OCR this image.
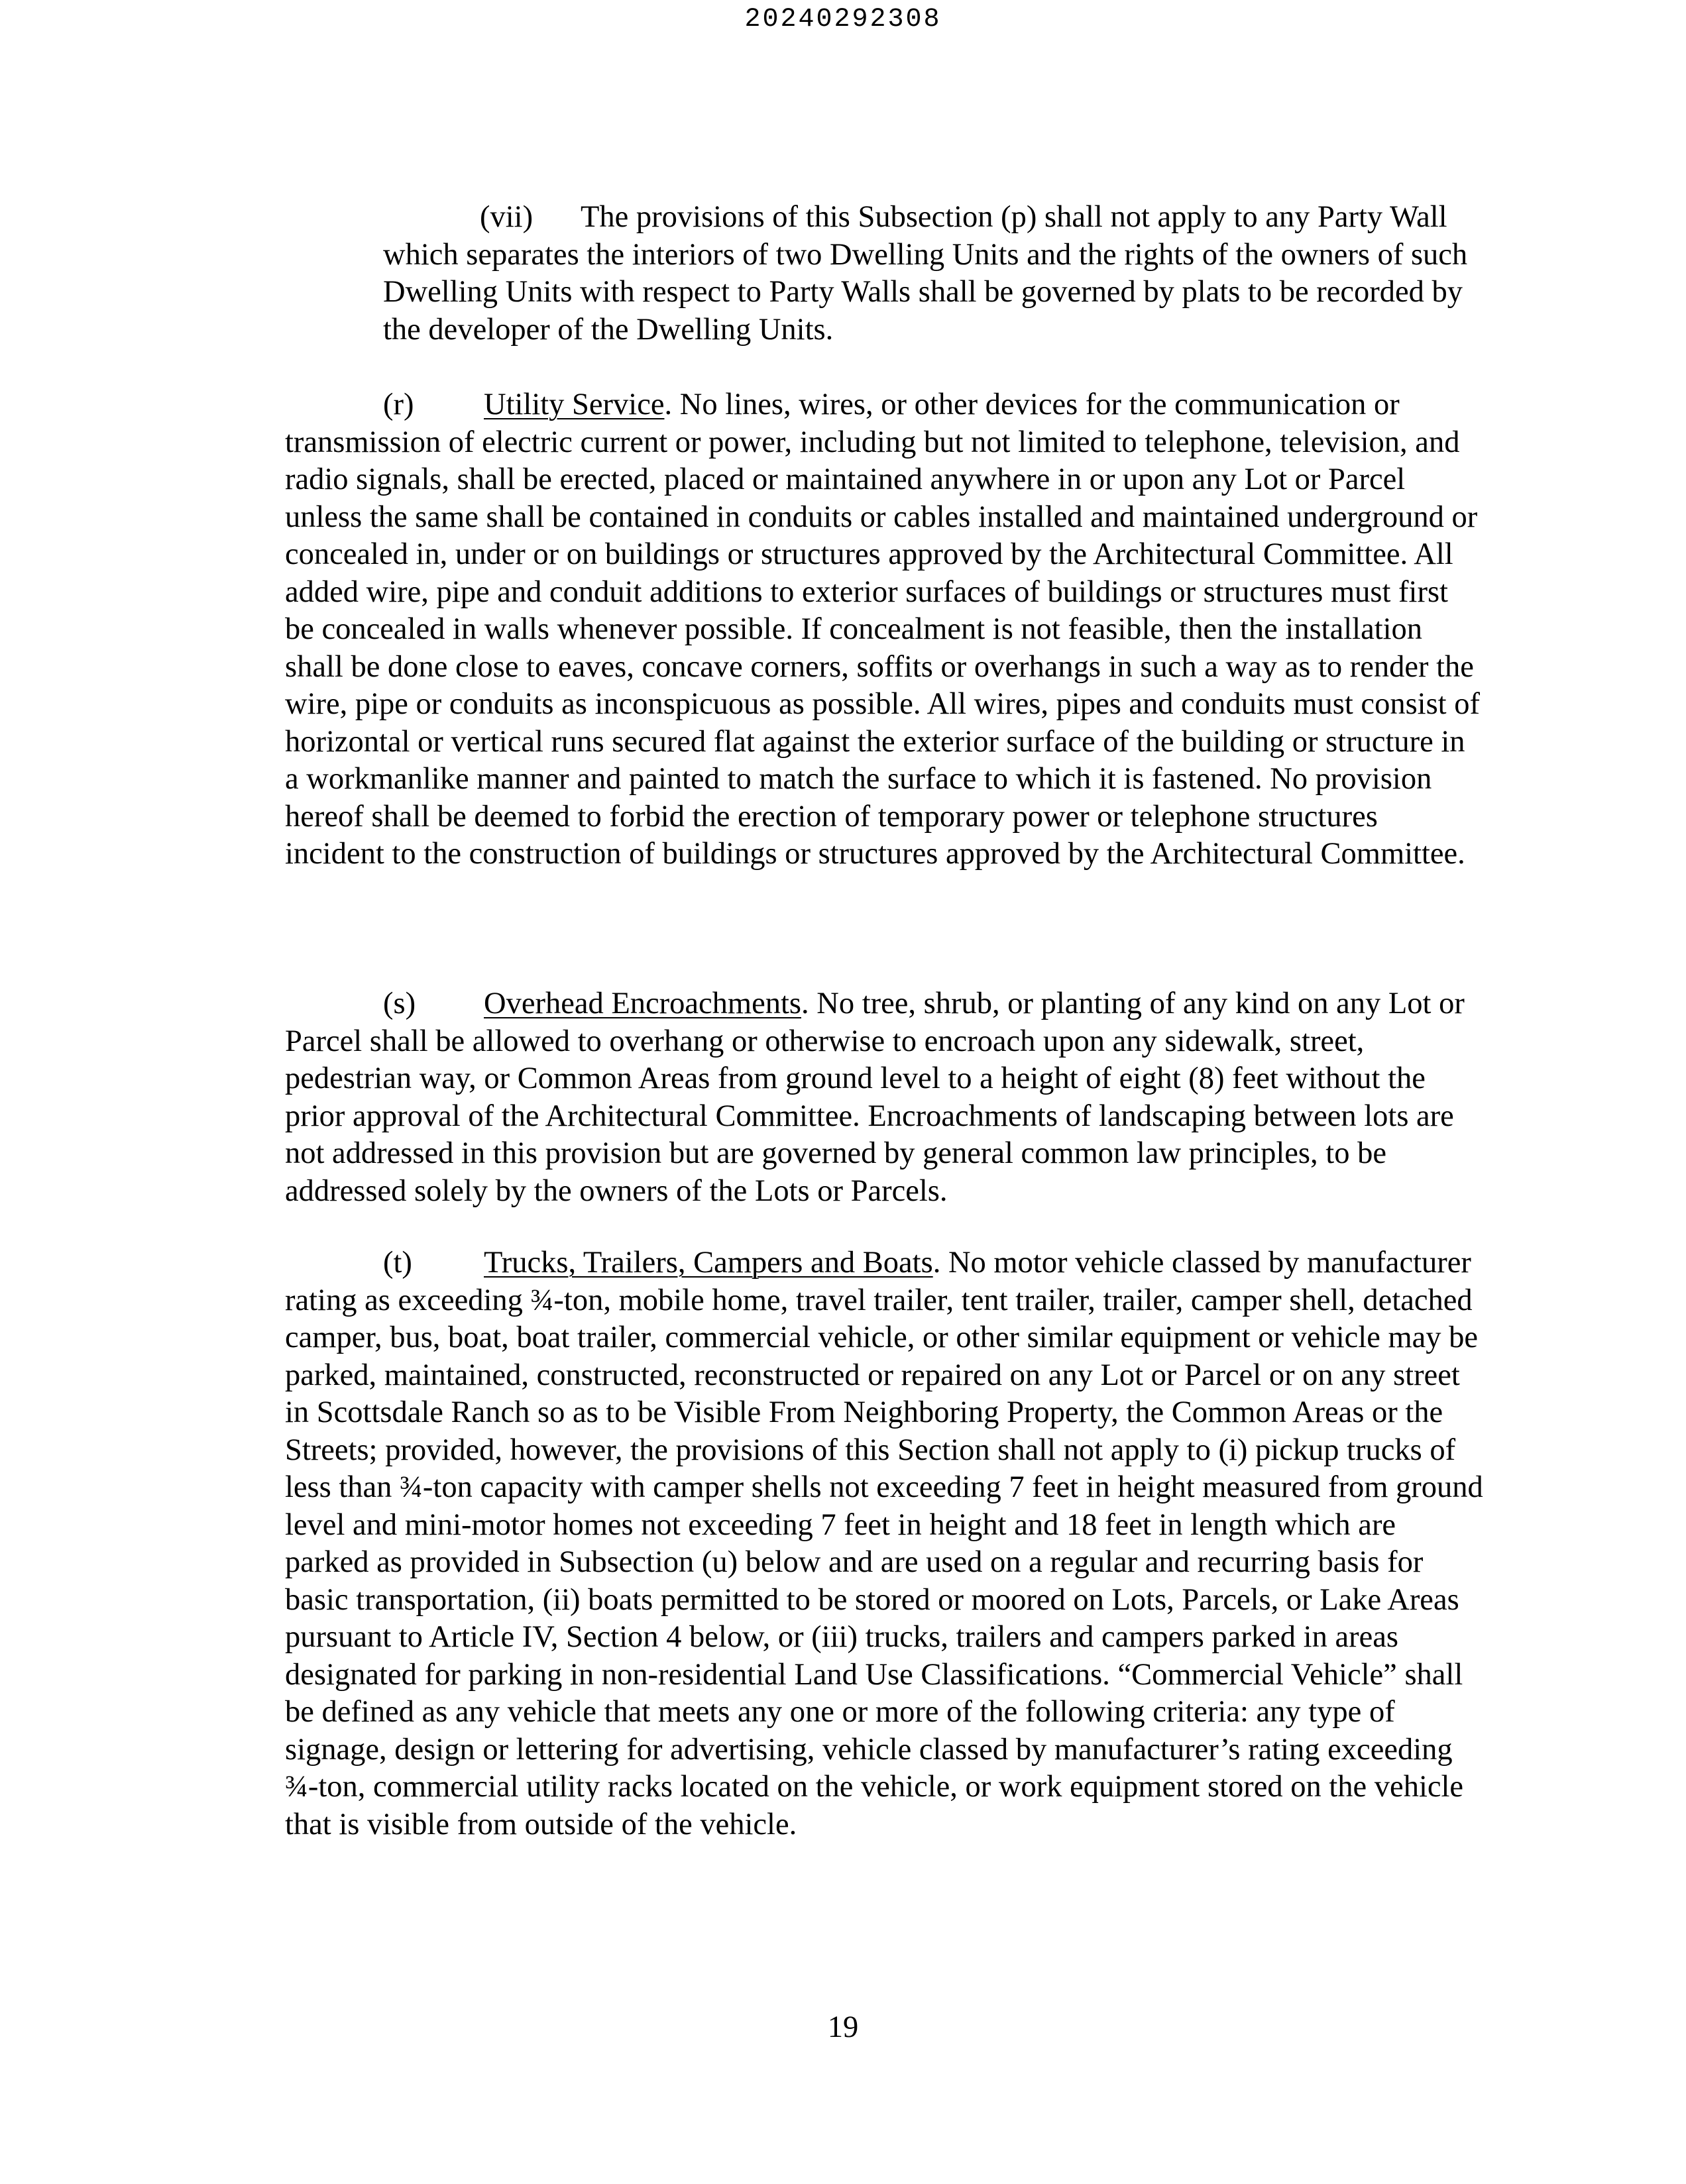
20240292308

(vii) The provisions of this Subsection (p) shall not apply to any Party Wall which separates the interiors of two Dwelling Units and the rights of the owners of such Dwelling Units with respect to Party Walls shall be governed by plats to be recorded by the developer of the Dwelling Units.

(r) Utility Service. No lines, wires, or other devices for the communication or transmission of electric current or power, including but not limited to telephone, television, and radio signals, shall be erected, placed or maintained anywhere in or upon any Lot or Parcel unless the same shall be contained in conduits or cables installed and maintained underground or concealed in, under or on buildings or structures approved by the Architectural Committee. All added wire, pipe and conduit additions to exterior surfaces of buildings or structures must first be concealed in walls whenever possible. If concealment is not feasible, then the installation shall be done close to eaves, concave corners, soffits or overhangs in such a way as to render the wire, pipe or conduits as inconspicuous as possible. All wires, pipes and conduits must consist of horizontal or vertical runs secured flat against the exterior surface of the building or structure in a workmanlike manner and painted to match the surface to which it is fastened. No provision hereof shall be deemed to forbid the erection of temporary power or telephone structures incident to the construction of buildings or structures approved by the Architectural Committee.

(s) Overhead Encroachments. No tree, shrub, or planting of any kind on any Lot or Parcel shall be allowed to overhang or otherwise to encroach upon any sidewalk, street, pedestrian way, or Common Areas from ground level to a height of eight (8) feet without the prior approval of the Architectural Committee. Encroachments of landscaping between lots are not addressed in this provision but are governed by general common law principles, to be addressed solely by the owners of the Lots or Parcels.

(t) Trucks, Trailers, Campers and Boats. No motor vehicle classed by manufacturer rating as exceeding ¾-ton, mobile home, travel trailer, tent trailer, trailer, camper shell, detached camper, bus, boat, boat trailer, commercial vehicle, or other similar equipment or vehicle may be parked, maintained, constructed, reconstructed or repaired on any Lot or Parcel or on any street in Scottsdale Ranch so as to be Visible From Neighboring Property, the Common Areas or the Streets; provided, however, the provisions of this Section shall not apply to (i) pickup trucks of less than ¾-ton capacity with camper shells not exceeding 7 feet in height measured from ground level and mini-motor homes not exceeding 7 feet in height and 18 feet in length which are parked as provided in Subsection (u) below and are used on a regular and recurring basis for basic transportation, (ii) boats permitted to be stored or moored on Lots, Parcels, or Lake Areas pursuant to Article IV, Section 4 below, or (iii) trucks, trailers and campers parked in areas designated for parking in non-residential Land Use Classifications. “Commercial Vehicle” shall be defined as any vehicle that meets any one or more of the following criteria: any type of signage, design or lettering for advertising, vehicle classed by manufacturer’s rating exceeding ¾-ton, commercial utility racks located on the vehicle, or work equipment stored on the vehicle that is visible from outside of the vehicle.

19
